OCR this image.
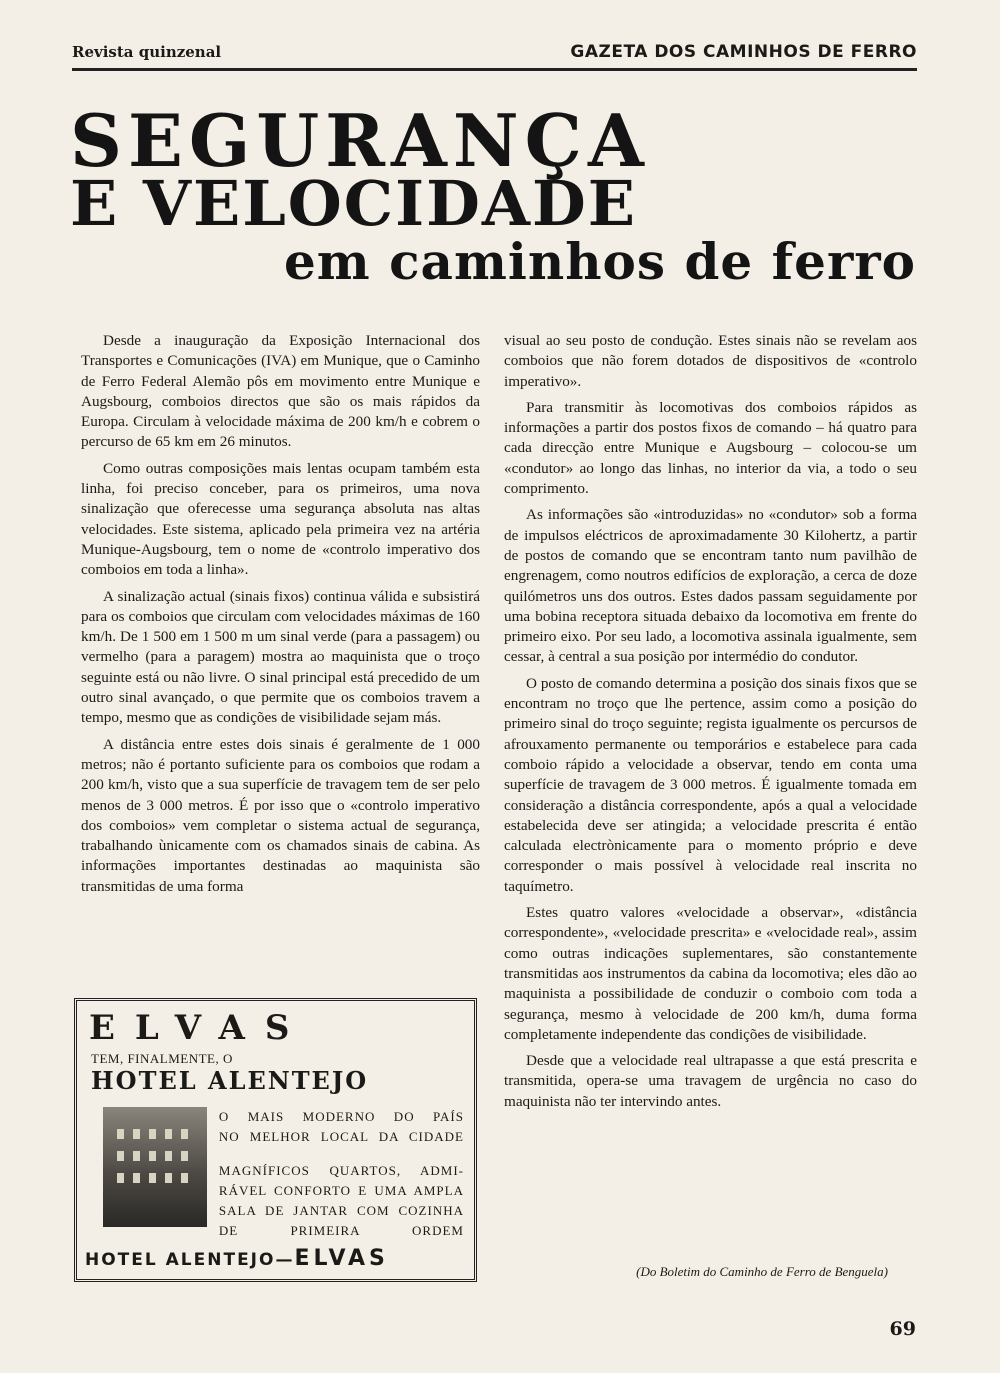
Revista quinzenal	GAZETA DOS CAMINHOS DE FERRO
SEGURANÇA
E VELOCIDADE
em caminhos de ferro

Desde a inauguração da Exposição Internacional dos Transportes e Comunicações (IVA) em Munique, que o Caminho de Ferro Federal Alemão pôs em movimento entre Munique e Augsbourg, comboios directos que são os mais rápidos da Europa. Circulam à velocidade máxima de 200 km/h e cobrem o percurso de 65 km em 26 minutos.

Como outras composições mais lentas ocupam também esta linha, foi preciso conceber, para os primeiros, uma nova sinalização que oferecesse uma segurança absoluta nas altas velocidades. Este sistema, aplicado pela primeira vez na artéria Munique-Augsbourg, tem o nome de «controlo imperativo dos comboios em toda a linha».

A sinalização actual (sinais fixos) continua válida e subsistirá para os comboios que circulam com velocidades máximas de 160 km/h. De 1 500 em 1 500 m um sinal verde (para a passagem) ou vermelho (para a paragem) mostra ao maquinista que o troço seguinte está ou não livre. O sinal principal está precedido de um outro sinal avançado, o que permite que os comboios travem a tempo, mesmo que as condições de visibilidade sejam más.

A distância entre estes dois sinais é geralmente de 1 000 metros; não é portanto suficiente para os comboios que rodam a 200 km/h, visto que a sua superfície de travagem tem de ser pelo menos de 3 000 metros. É por isso que o «controlo imperativo dos comboios» vem completar o sistema actual de segurança, trabalhando ùnicamente com os chamados sinais de cabina. As informações importantes destinadas ao maquinista são transmitidas de uma forma

visual ao seu posto de condução. Estes sinais não se revelam aos comboios que não forem dotados de dispositivos de «controlo imperativo».

Para transmitir às locomotivas dos comboios rápidos as informações a partir dos postos fixos de comando – há quatro para cada direcção entre Munique e Augsbourg – colocou-se um «condutor» ao longo das linhas, no interior da via, a todo o seu comprimento.

As informações são «introduzidas» no «condutor» sob a forma de impulsos eléctricos de aproximadamente 30 Kilohertz, a partir de postos de comando que se encontram tanto num pavilhão de engrenagem, como noutros edifícios de exploração, a cerca de doze quilómetros uns dos outros. Estes dados passam seguidamente por uma bobina receptora situada debaixo da locomotiva em frente do primeiro eixo. Por seu lado, a locomotiva assinala igualmente, sem cessar, à central a sua posição por intermédio do condutor.

O posto de comando determina a posição dos sinais fixos que se encontram no troço que lhe pertence, assim como a posição do primeiro sinal do troço seguinte; regista igualmente os percursos de afrouxamento permanente ou temporários e estabelece para cada comboio rápido a velocidade a observar, tendo em conta uma superfície de travagem de 3 000 metros. É igualmente tomada em consideração a distância correspondente, após a qual a velocidade estabelecida deve ser atingida; a velocidade prescrita é então calculada electrònicamente para o momento próprio e deve corresponder o mais possível à velocidade real inscrita no taquímetro.

Estes quatro valores «velocidade a observar», «distância correspondente», «velocidade prescrita» e «velocidade real», assim como outras indicações suplementares, são constantemente transmitidas aos instrumentos da cabina da locomotiva; eles dão ao maquinista a possibilidade de conduzir o comboio com toda a segurança, mesmo à velocidade de 200 km/h, duma forma completamente independente das condições de visibilidade.

Desde que a velocidade real ultrapasse a que está prescrita e transmitida, opera-se uma travagem de urgência no caso do maquinista não ter intervindo antes.

(Do Boletim do Caminho de Ferro de Benguela)
ELVAS
TEM, FINALMENTE, O
HOTEL ALENTEJO
O MAIS MODERNO DO PAÍS
NO MELHOR LOCAL DA CIDADE
MAGNÍFICOS QUARTOS, ADMI-
RÁVEL CONFORTO E UMA AMPLA
SALA DE JANTAR COM COZINHA
DE PRIMEIRA ORDEM
HOTEL ALENTEJO—ELVAS
69
